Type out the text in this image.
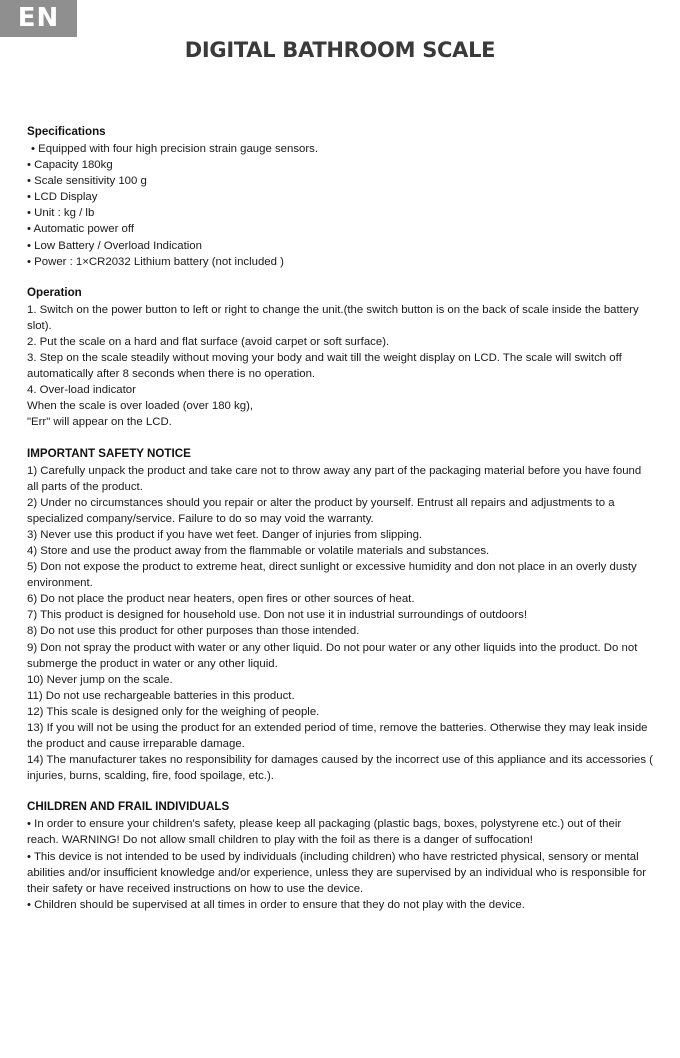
EN
DIGITAL BATHROOM SCALE
Specifications

• Equipped with four high precision strain gauge sensors.

• Capacity 180kg

• Scale sensitivity 100 g

• LCD Display

• Unit : kg / lb

• Automatic power off

• Low Battery / Overload Indication

• Power : 1×CR2032 Lithium battery (not included )

Operation

1. Switch on the power button to left or right to change the unit.(the switch button is on the back of scale inside the battery slot).

2. Put the scale on a hard and flat surface (avoid carpet or soft surface).

3. Step on the scale steadily without moving your body and wait till the weight display on LCD. The scale will switch off automatically after 8 seconds when there is no operation.

4. Over-load indicator

When the scale is over loaded (over 180 kg),

"Err" will appear on the LCD.

IMPORTANT SAFETY NOTICE

1) Carefully unpack the product and take care not to throw away any part of the packaging material before you have found all parts of the product.

2) Under no circumstances should you repair or alter the product by yourself. Entrust all repairs and adjustments to a specialized company/service. Failure to do so may void the warranty.

3) Never use this product if you have wet feet. Danger of injuries from slipping.

4) Store and use the product away from the flammable or volatile materials and substances.

5) Don not expose the product to extreme heat, direct sunlight or excessive humidity and don not place in an overly dusty environment.

6) Do not place the product near heaters, open fires or other sources of heat.

7) This product is designed for household use. Don not use it in industrial surroundings of outdoors!

8) Do not use this product for other purposes than those intended.

9) Don not spray the product with water or any other liquid. Do not pour water or any other liquids into the product. Do not submerge the product in water or any other liquid.

10) Never jump on the scale.

11) Do not use rechargeable batteries in this product.

12) This scale is designed only for the weighing of people.

13) If you will not be using the product for an extended period of time, remove the batteries. Otherwise they may leak inside the product and cause irreparable damage.

14) The manufacturer takes no responsibility for damages caused by the incorrect use of this appliance and its accessories ( injuries, burns, scalding, fire, food spoilage, etc.).

CHILDREN AND FRAIL INDIVIDUALS

• In order to ensure your children's safety, please keep all packaging (plastic bags, boxes, polystyrene etc.) out of their reach. WARNING! Do not allow small children to play with the foil as there is a danger of suffocation!

• This device is not intended to be used by individuals (including children) who have restricted physical, sensory or mental abilities and/or insufficient knowledge and/or experience, unless they are supervised by an individual who is responsible for their safety or have received instructions on how to use the device.

• Children should be supervised at all times in order to ensure that they do not play with the device.
